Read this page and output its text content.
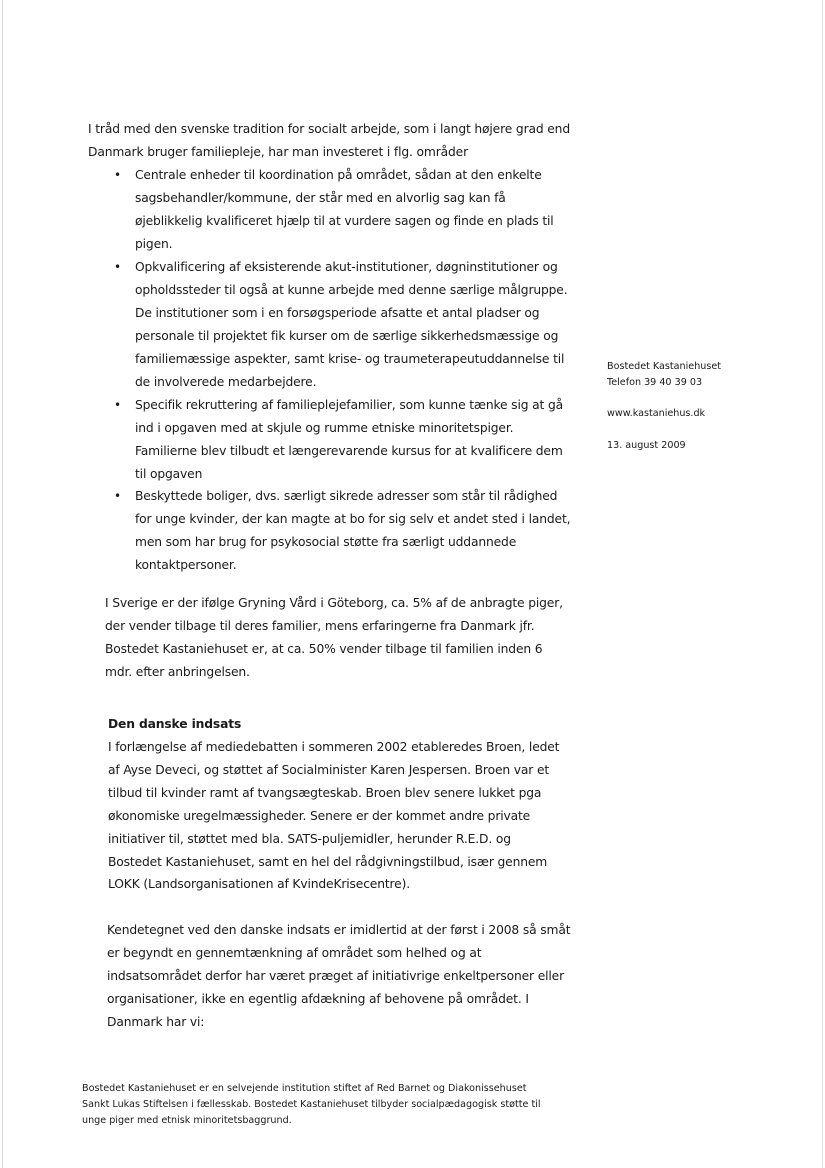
Den danske indsats
Bostedet Kastaniehuset
Telefon 39 40 39 03
www.kastaniehus.dk
13. august 2009
I tråd med den svenske tradition for socialt arbejde, som i langt højere grad end
Danmark bruger familiepleje, har man investeret i flg. områder
• Centrale enheder til koordination på området, sådan at den enkelte
sagsbehandler/kommune, der står med en alvorlig sag kan få
øjeblikkelig kvalificeret hjælp til at vurdere sagen og finde en plads til
pigen.
• Opkvalificering af eksisterende akut-institutioner, døgninstitutioner og
opholdssteder til også at kunne arbejde med denne særlige målgruppe.
De institutioner som i en forsøgsperiode afsatte et antal pladser og
personale til projektet fik kurser om de særlige sikkerhedsmæssige og
familiemæssige aspekter, samt krise- og traumeterapeutuddannelse til
de involverede medarbejdere.
• Specifik rekruttering af familieplejefamilier, som kunne tænke sig at gå
ind i opgaven med at skjule og rumme etniske minoritetspiger.
Familierne blev tilbudt et længerevarende kursus for at kvalificere dem
til opgaven
• Beskyttede boliger, dvs. særligt sikrede adresser som står til rådighed
for unge kvinder, der kan magte at bo for sig selv et andet sted i landet,
men som har brug for psykosocial støtte fra særligt uddannede
kontaktpersoner.
I Sverige er der ifølge Gryning Vård i Göteborg, ca. 5% af de anbragte piger,
der vender tilbage til deres familier, mens erfaringerne fra Danmark jfr.
Bostedet Kastaniehuset er, at ca. 50% vender tilbage til familien inden 6
mdr. efter anbringelsen.
I forlængelse af mediedebatten i sommeren 2002 etableredes Broen, ledet
af Ayse Deveci, og støttet af Socialminister Karen Jespersen. Broen var et
tilbud til kvinder ramt af tvangsægteskab. Broen blev senere lukket pga
økonomiske uregelmæssigheder. Senere er der kommet andre private
initiativer til, støttet med bla. SATS-puljemidler, herunder R.E.D. og
Bostedet Kastaniehuset, samt en hel del rådgivningstilbud, især gennem
LOKK (Landsorganisationen af KvindeKrisecentre).
Kendetegnet ved den danske indsats er imidlertid at der først i 2008 så småt
er begyndt en gennemtænkning af området som helhed og at
indsatsområdet derfor har været præget af initiativrige enkeltpersoner eller
organisationer, ikke en egentlig afdækning af behovene på området. I
Danmark har vi:
Bostedet Kastaniehuset er en selvejende institution stiftet af Red Barnet og Diakonissehuset
Sankt Lukas Stiftelsen i fællesskab. Bostedet Kastaniehuset tilbyder socialpædagogisk støtte til
unge piger med etnisk minoritetsbaggrund.
